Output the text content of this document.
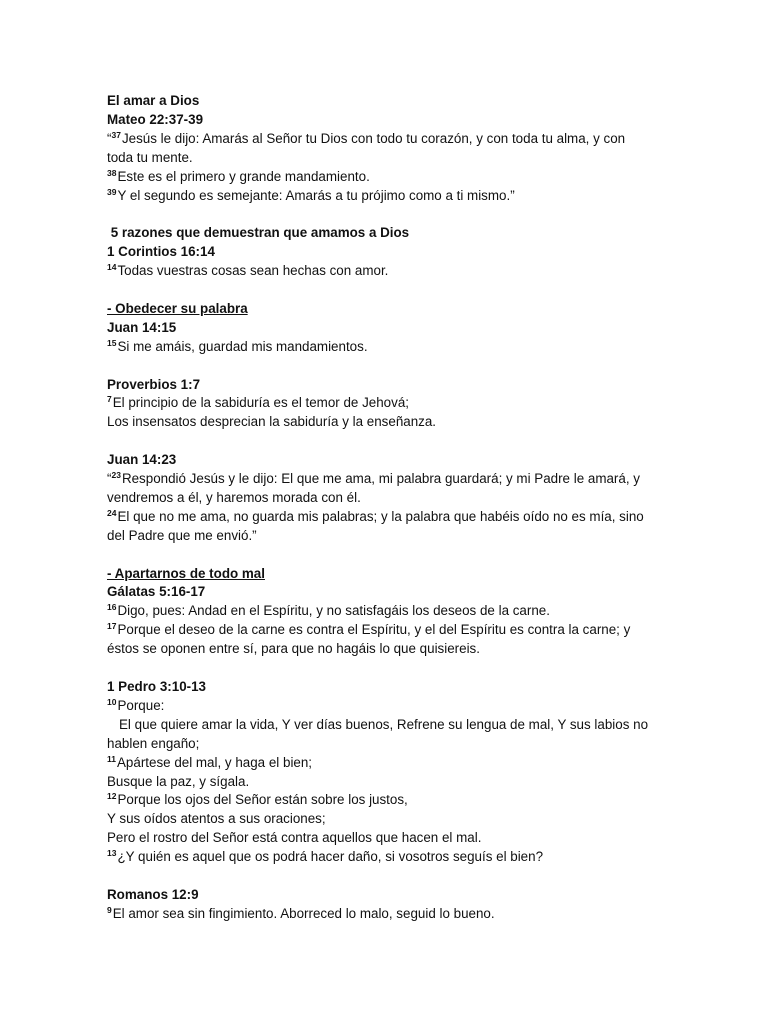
El amar a Dios
Mateo 22:37-39
“$^{37}$Jesús le dijo: Amarás al Señor tu Dios con todo tu corazón, y con toda tu alma, y con
toda tu mente.
$^{38}$Este es el primero y grande mandamiento.
$^{39}$Y el segundo es semejante: Amarás a tu prójimo como a ti mismo.”
5 razones que demuestran que amamos a Dios
1 Corintios 16:14
$^{14}$Todas vuestras cosas sean hechas con amor.
- Obedecer su palabra
Juan 14:15
$^{15}$Si me amáis, guardad mis mandamientos.
Proverbios 1:7
$^7$El principio de la sabiduría es el temor de Jehová;
Los insensatos desprecian la sabiduría y la enseñanza.
Juan 14:23
“$^{23}$Respondió Jesús y le dijo: El que me ama, mi palabra guardará; y mi Padre le amará, y
vendremos a él, y haremos morada con él.
$^{24}$El que no me ama, no guarda mis palabras; y la palabra que habéis oído no es mía, sino
del Padre que me envió.”
- Apartarnos de todo mal
Gálatas 5:16-17
$^{16}$Digo, pues: Andad en el Espíritu, y no satisfagáis los deseos de la carne.
$^{17}$Porque el deseo de la carne es contra el Espíritu, y el del Espíritu es contra la carne; y
éstos se oponen entre sí, para que no hagáis lo que quisiereis.
1 Pedro 3:10-13
$^{10}$Porque:
El que quiere amar la vida, Y ver días buenos, Refrene su lengua de mal, Y sus labios no
hablen engaño;
$^{11}$Apártese del mal, y haga el bien;
Busque la paz, y sígala.
$^{12}$Porque los ojos del Señor están sobre los justos,
Y sus oídos atentos a sus oraciones;
Pero el rostro del Señor está contra aquellos que hacen el mal.
$^{13}$¿Y quién es aquel que os podrá hacer daño, si vosotros seguís el bien?
Romanos 12:9
$^9$El amor sea sin fingimiento. Aborreced lo malo, seguid lo bueno.
